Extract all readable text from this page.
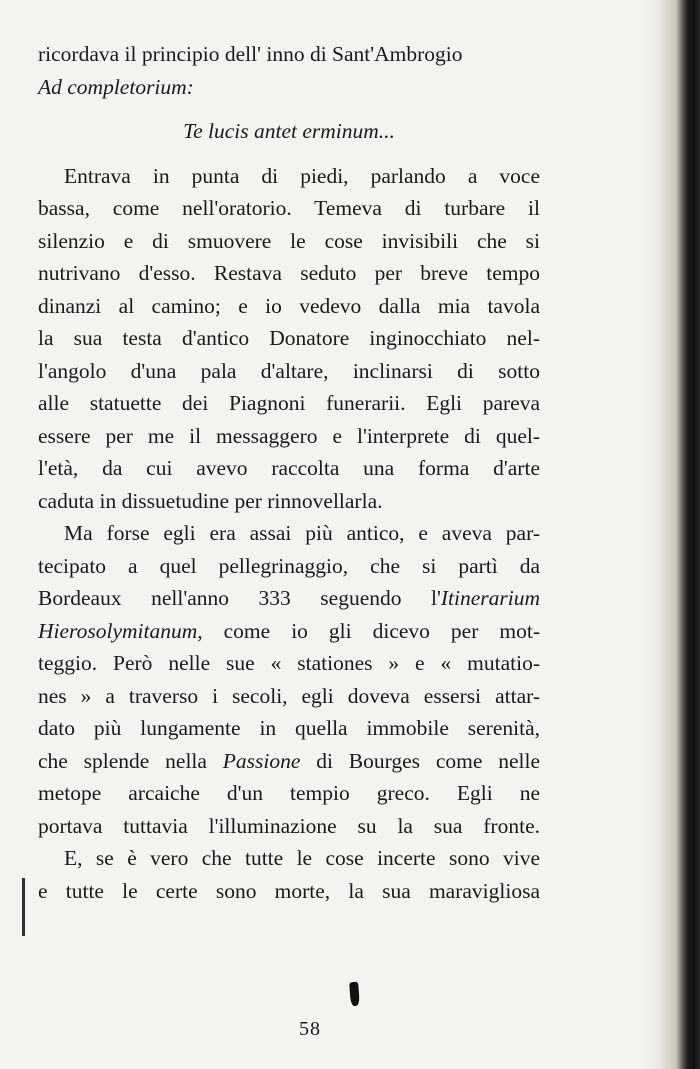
ricordava il principio dell' inno di Sant'Ambrogio
Ad completorium:
Te lucis antet erminum...
Entrava in punta di piedi, parlando a voce
bassa, come nell'oratorio. Temeva di turbare il
silenzio e di smuovere le cose invisibili che si
nutrivano d'esso. Restava seduto per breve tempo
dinanzi al camino; e io vedevo dalla mia tavola
la sua testa d'antico Donatore inginocchiato nel-
l'angolo d'una pala d'altare, inclinarsi di sotto
alle statuette dei Piagnoni funerarii. Egli pareva
essere per me il messaggero e l'interprete di quel-
l'età, da cui avevo raccolta una forma d'arte
caduta in dissuetudine per rinnovellarla.
Ma forse egli era assai più antico, e aveva par-
tecipato a quel pellegrinaggio, che si partì da
Bordeaux nell'anno 333 seguendo l'Itinerarium
Hierosolymitanum, come io gli dicevo per mot-
teggio. Però nelle sue « stationes » e « mutatio-
nes » a traverso i secoli, egli doveva essersi attar-
dato più lungamente in quella immobile serenità,
che splende nella Passione di Bourges come nelle
metope arcaiche d'un tempio greco. Egli ne
portava tuttavia l'illuminazione su la sua fronte.
E, se è vero che tutte le cose incerte sono vive
e tutte le certe sono morte, la sua maravigliosa
58
